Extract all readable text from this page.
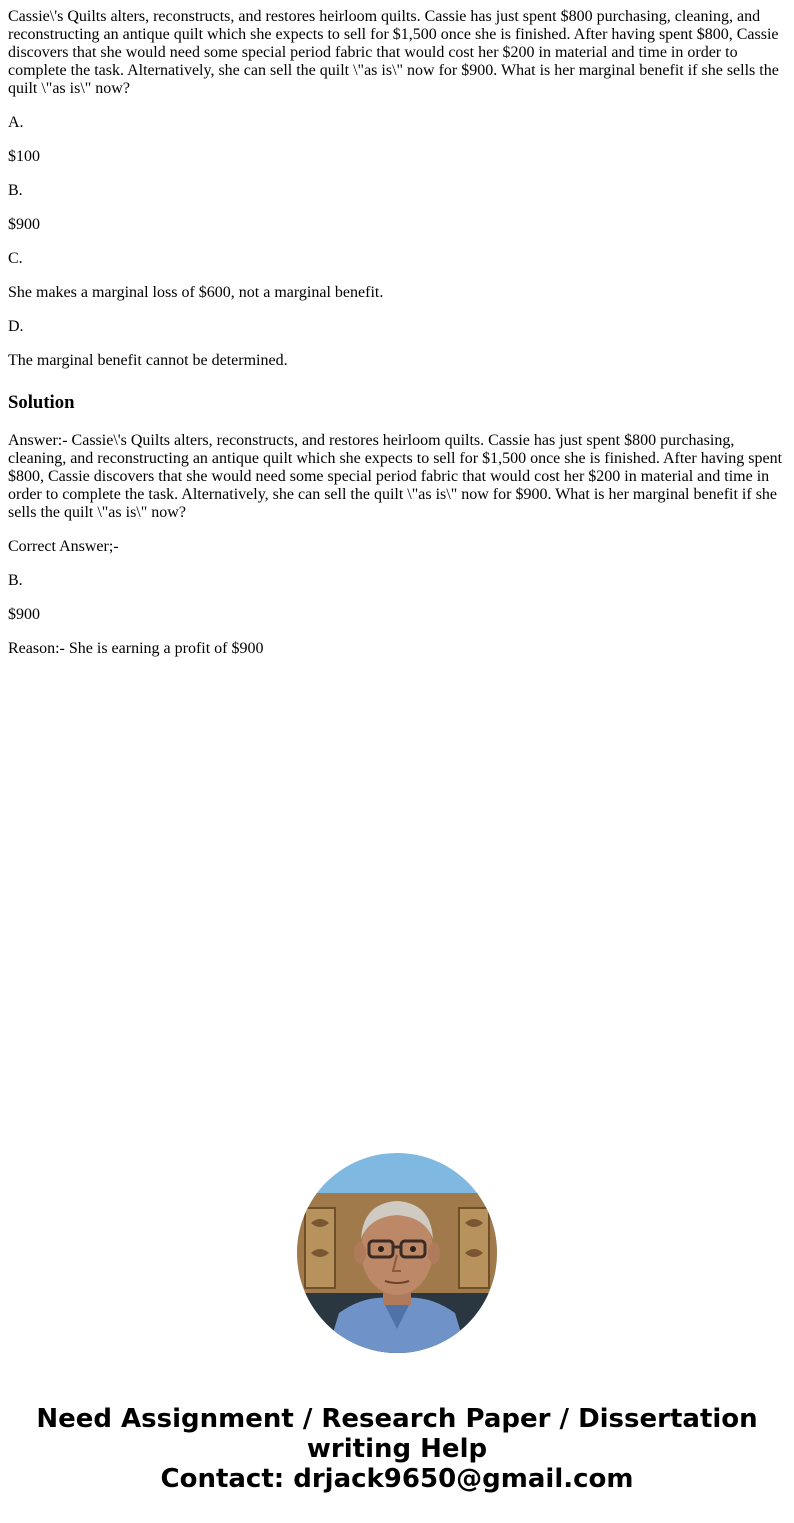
Cassie\'s Quilts alters, reconstructs, and restores heirloom quilts. Cassie has just spent $800 purchasing, cleaning, and reconstructing an antique quilt which she expects to sell for $1,500 once she is finished. After having spent $800, Cassie discovers that she would need some special period fabric that would cost her $200 in material and time in order to complete the task. Alternatively, she can sell the quilt \"as is\" now for $900. What is her marginal benefit if she sells the quilt \"as is\" now?

A.

$100

B.

$900

C.

She makes a marginal loss of $600, not a marginal benefit.

D.

The marginal benefit cannot be determined.

Solution

Answer:- Cassie\'s Quilts alters, reconstructs, and restores heirloom quilts. Cassie has just spent $800 purchasing, cleaning, and reconstructing an antique quilt which she expects to sell for $1,500 once she is finished. After having spent $800, Cassie discovers that she would need some special period fabric that would cost her $200 in material and time in order to complete the task. Alternatively, she can sell the quilt \"as is\" now for $900. What is her marginal benefit if she sells the quilt \"as is\" now?

Correct Answer;-

B.

$900

Reason:- She is earning a profit of $900

Need Assignment / Research Paper / Dissertation
writing Help
Contact: drjack9650@gmail.com
